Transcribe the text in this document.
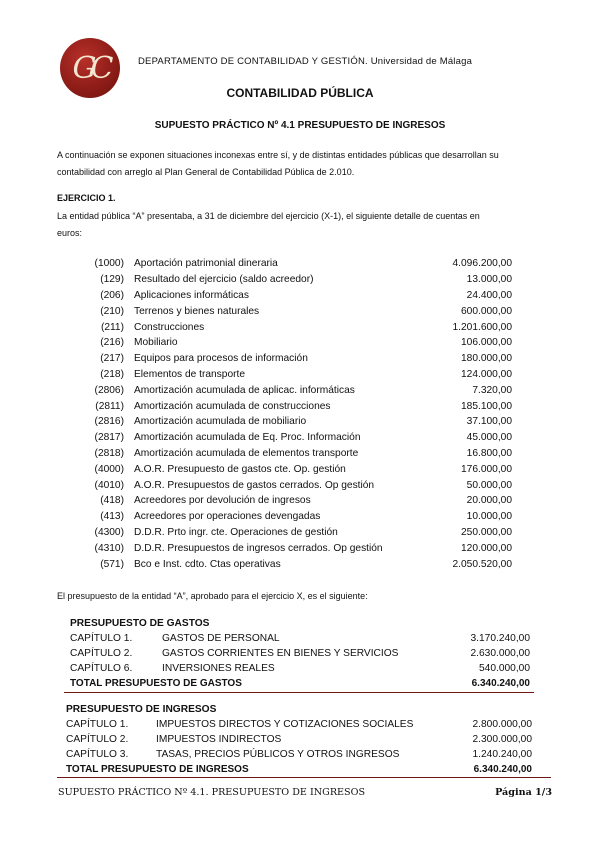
GC	DEPARTAMENTO DE CONTABILIDAD Y GESTIÓN. Universidad de Málaga
CONTABILIDAD PÚBLICA
SUPUESTO PRÁCTICO Nº 4.1 PRESUPUESTO DE INGRESOS
A continuación se exponen situaciones inconexas entre sí, y de distintas entidades públicas que desarrollan su
contabilidad con arreglo al Plan General de Contabilidad Pública de 2.010.
EJERCICIO 1.
La entidad pública “A” presentaba, a 31 de diciembre del ejercicio (X-1), el siguiente detalle de cuentas en
euros:
(1000) Aportación patrimonial dineraria	4.096.200,00
(129) Resultado del ejercicio (saldo acreedor)	13.000,00
(206) Aplicaciones informáticas	24.400,00
(210) Terrenos y bienes naturales	600.000,00
(211) Construcciones	1.201.600,00
(216) Mobiliario	106.000,00
(217) Equipos para procesos de información	180.000,00
(218) Elementos de transporte	124.000,00
(2806) Amortización acumulada de aplicac. informáticas	7.320,00
(2811) Amortización acumulada de construcciones	185.100,00
(2816) Amortización acumulada de mobiliario	37.100,00
(2817) Amortización acumulada de Eq. Proc. Información	45.000,00
(2818) Amortización acumulada de elementos transporte	16.800,00
(4000) A.O.R. Presupuesto de gastos cte. Op. gestión	176.000,00
(4010) A.O.R. Presupuestos de gastos cerrados. Op gestión	50.000,00
(418) Acreedores por devolución de ingresos	20.000,00
(413) Acreedores por operaciones devengadas	10.000,00
(4300) D.D.R. Prto ingr. cte. Operaciones de gestión	250.000,00
(4310) D.D.R. Presupuestos de ingresos cerrados. Op gestión	120.000,00
(571) Bco e Inst. cdto. Ctas operativas	2.050.520,00
El presupuesto de la entidad “A”, aprobado para el ejercicio X, es el siguiente:
PRESUPUESTO DE GASTOS
CAPÍTULO 1.	GASTOS DE PERSONAL	3.170.240,00
CAPÍTULO 2.	GASTOS CORRIENTES EN BIENES Y SERVICIOS	2.630.000,00
CAPÍTULO 6.	INVERSIONES REALES	540.000,00
TOTAL PRESUPUESTO DE GASTOS	6.340.240,00
PRESUPUESTO DE INGRESOS
CAPÍTULO 1.	IMPUESTOS DIRECTOS Y COTIZACIONES SOCIALES	2.800.000,00
CAPÍTULO 2.	IMPUESTOS INDIRECTOS	2.300.000,00
CAPÍTULO 3.	TASAS, PRECIOS PÚBLICOS Y OTROS INGRESOS	1.240.240,00
TOTAL PRESUPUESTO DE INGRESOS	6.340.240,00
SUPUESTO PRÁCTICO Nº 4.1. PRESUPUESTO DE INGRESOS	Página 1/3
